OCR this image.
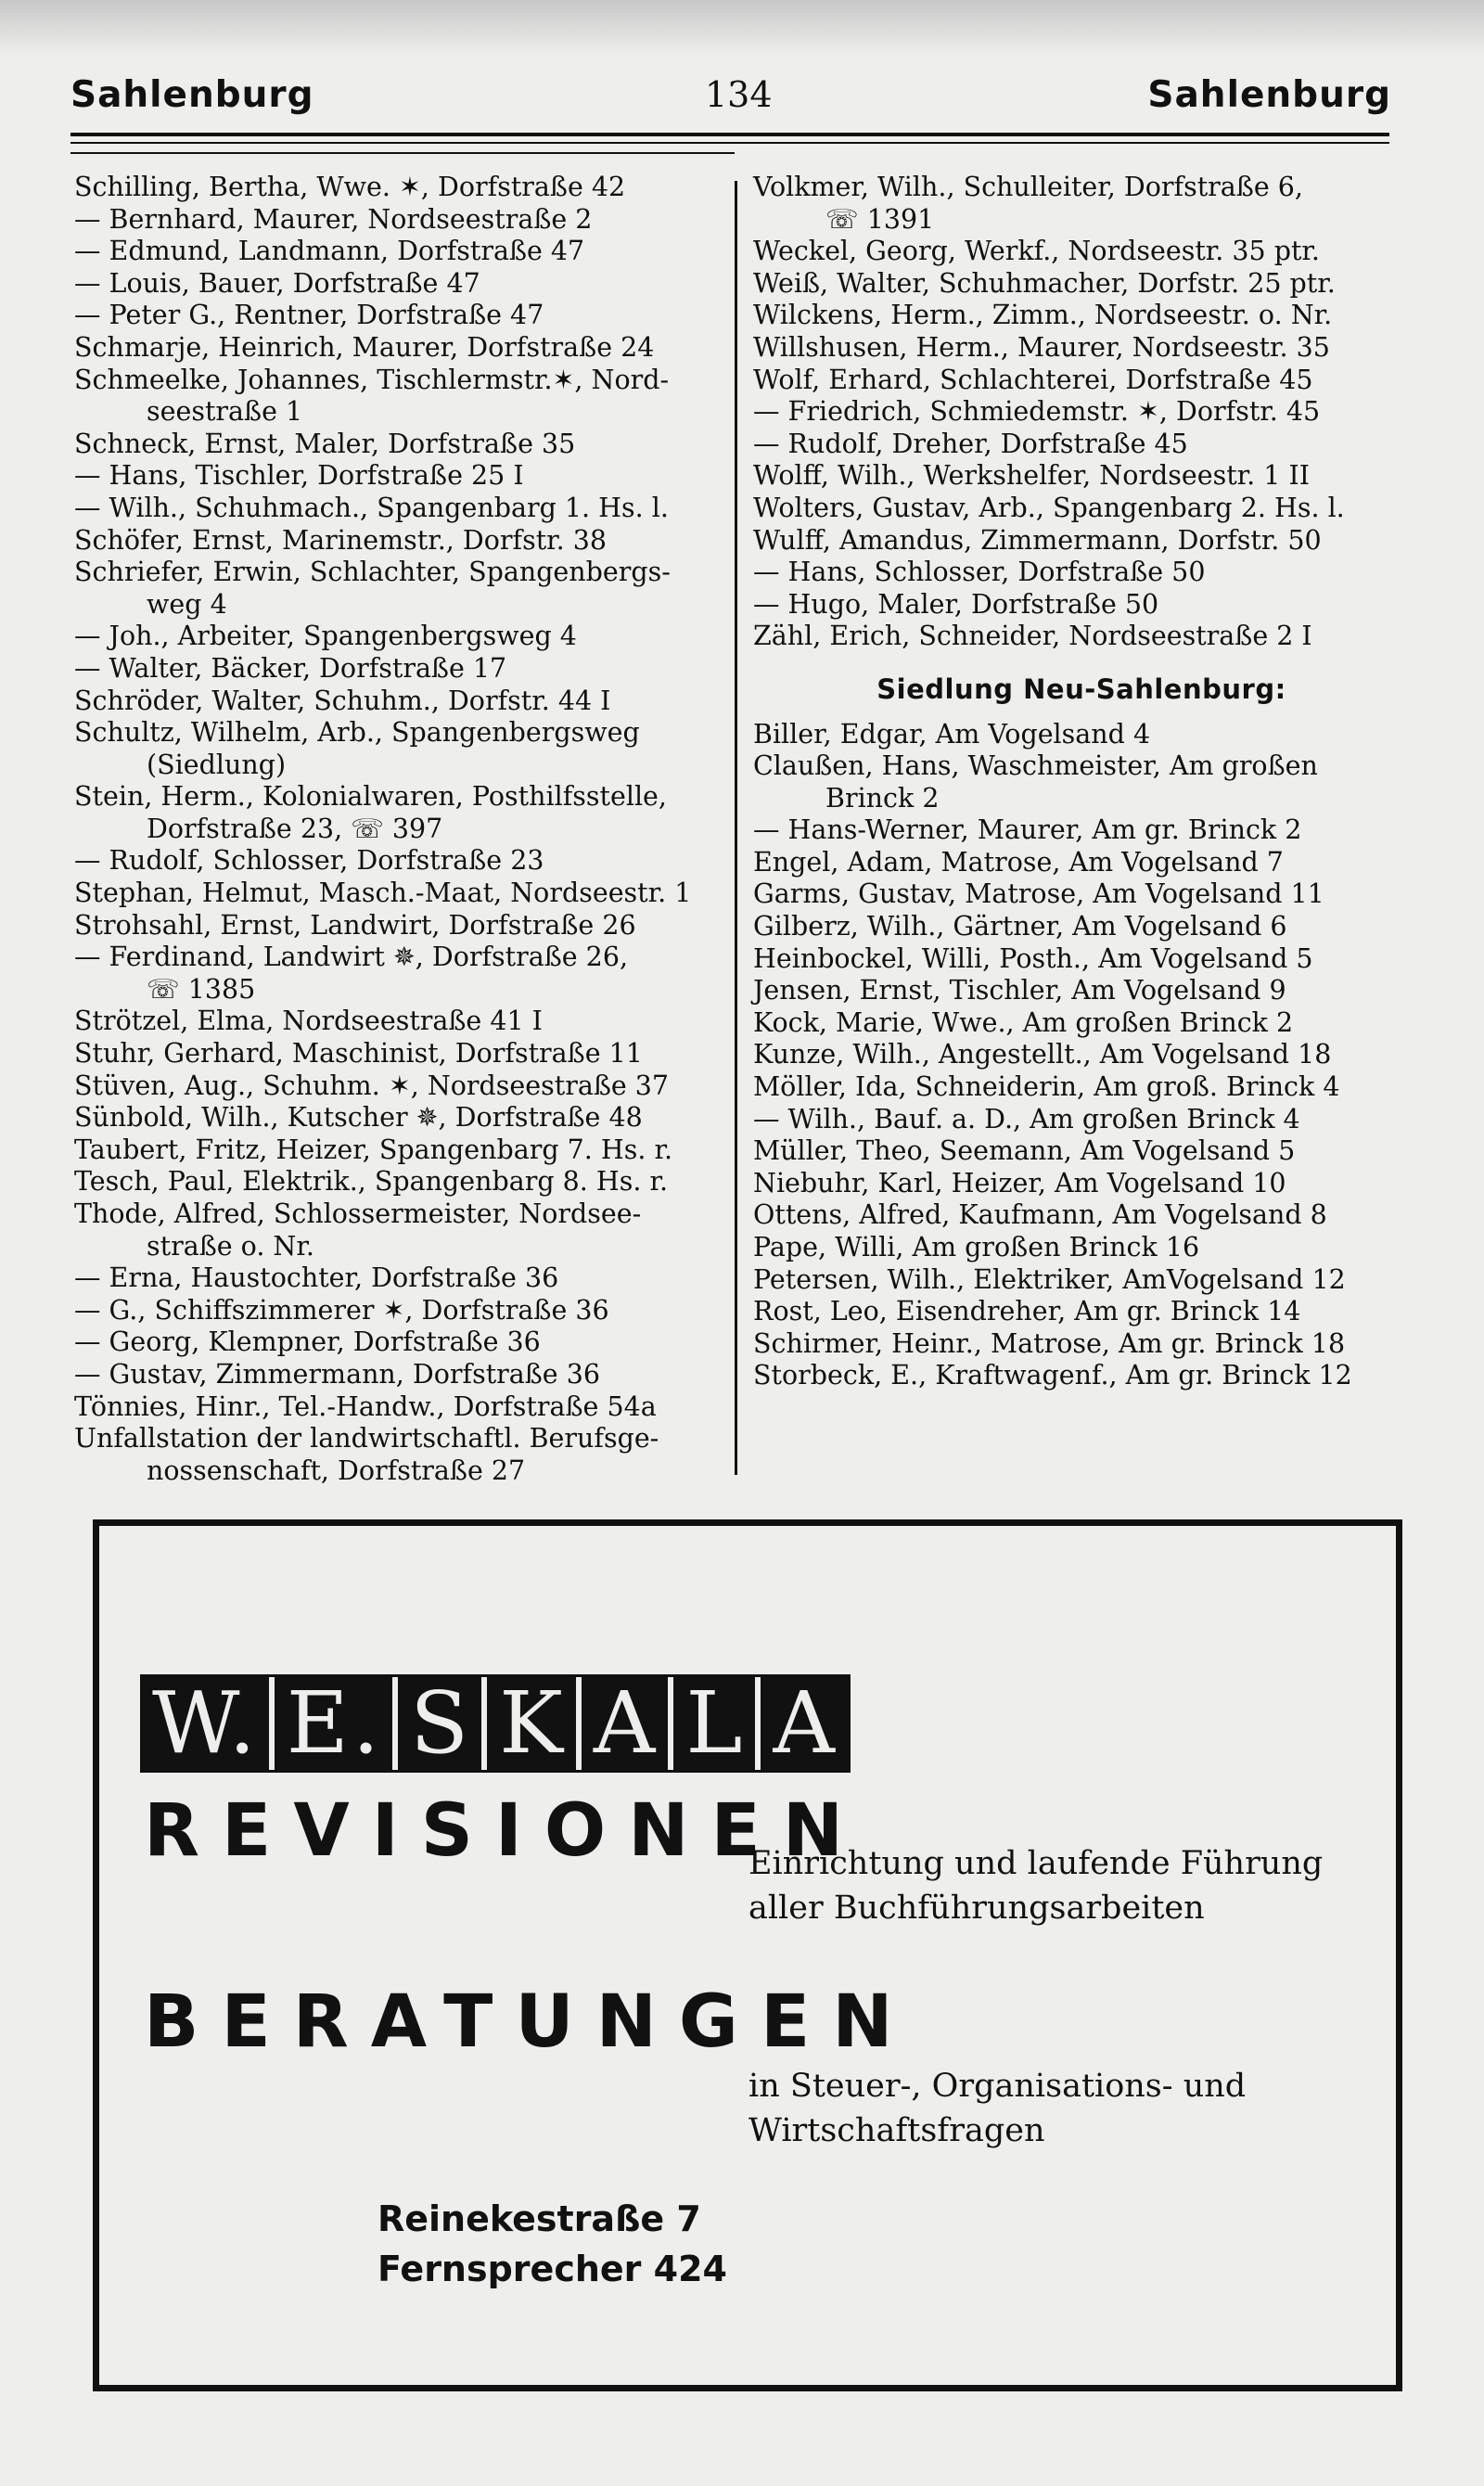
Sahlenburg	134	Sahlenburg
Schilling, Bertha, Wwe. ✶, Dorfstraße 42
— Bernhard, Maurer, Nordseestraße 2
— Edmund, Landmann, Dorfstraße 47
— Louis, Bauer, Dorfstraße 47
— Peter G., Rentner, Dorfstraße 47
Schmarje, Heinrich, Maurer, Dorfstraße 24
Schmeelke, Johannes, Tischlermstr.✶, Nord-
seestraße 1
Schneck, Ernst, Maler, Dorfstraße 35
— Hans, Tischler, Dorfstraße 25 I
— Wilh., Schuhmach., Spangenbarg 1. Hs. l.
Schöfer, Ernst, Marinemstr., Dorfstr. 38
Schriefer, Erwin, Schlachter, Spangenbergs-
weg 4
— Joh., Arbeiter, Spangenbergsweg 4
— Walter, Bäcker, Dorfstraße 17
Schröder, Walter, Schuhm., Dorfstr. 44 I
Schultz, Wilhelm, Arb., Spangenbergsweg
(Siedlung)
Stein, Herm., Kolonialwaren, Posthilfsstelle,
Dorfstraße 23, ☏ 397
— Rudolf, Schlosser, Dorfstraße 23
Stephan, Helmut, Masch.-Maat, Nordseestr. 1
Strohsahl, Ernst, Landwirt, Dorfstraße 26
— Ferdinand, Landwirt ✵, Dorfstraße 26,
☏ 1385
Strötzel, Elma, Nordseestraße 41 I
Stuhr, Gerhard, Maschinist, Dorfstraße 11
Stüven, Aug., Schuhm. ✶, Nordseestraße 37
Sünbold, Wilh., Kutscher ✵, Dorfstraße 48
Taubert, Fritz, Heizer, Spangenbarg 7. Hs. r.
Tesch, Paul, Elektrik., Spangenbarg 8. Hs. r.
Thode, Alfred, Schlossermeister, Nordsee-
straße o. Nr.
— Erna, Haustochter, Dorfstraße 36
— G., Schiffszimmerer ✶, Dorfstraße 36
— Georg, Klempner, Dorfstraße 36
— Gustav, Zimmermann, Dorfstraße 36
Tönnies, Hinr., Tel.-Handw., Dorfstraße 54a
Unfallstation der landwirtschaftl. Berufsge-
nossenschaft, Dorfstraße 27
Volkmer, Wilh., Schulleiter, Dorfstraße 6,
☏ 1391
Weckel, Georg, Werkf., Nordseestr. 35 ptr.
Weiß, Walter, Schuhmacher, Dorfstr. 25 ptr.
Wilckens, Herm., Zimm., Nordseestr. o. Nr.
Willshusen, Herm., Maurer, Nordseestr. 35
Wolf, Erhard, Schlachterei, Dorfstraße 45
— Friedrich, Schmiedemstr. ✶, Dorfstr. 45
— Rudolf, Dreher, Dorfstraße 45
Wolff, Wilh., Werkshelfer, Nordseestr. 1 II
Wolters, Gustav, Arb., Spangenbarg 2. Hs. l.
Wulff, Amandus, Zimmermann, Dorfstr. 50
— Hans, Schlosser, Dorfstraße 50
— Hugo, Maler, Dorfstraße 50
Zähl, Erich, Schneider, Nordseestraße 2 I
Siedlung Neu-Sahlenburg:
Biller, Edgar, Am Vogelsand 4
Claußen, Hans, Waschmeister, Am großen
Brinck 2
— Hans-Werner, Maurer, Am gr. Brinck 2
Engel, Adam, Matrose, Am Vogelsand 7
Garms, Gustav, Matrose, Am Vogelsand 11
Gilberz, Wilh., Gärtner, Am Vogelsand 6
Heinbockel, Willi, Posth., Am Vogelsand 5
Jensen, Ernst, Tischler, Am Vogelsand 9
Kock, Marie, Wwe., Am großen Brinck 2
Kunze, Wilh., Angestellt., Am Vogelsand 18
Möller, Ida, Schneiderin, Am groß. Brinck 4
— Wilh., Bauf. a. D., Am großen Brinck 4
Müller, Theo, Seemann, Am Vogelsand 5
Niebuhr, Karl, Heizer, Am Vogelsand 10
Ottens, Alfred, Kaufmann, Am Vogelsand 8
Pape, Willi, Am großen Brinck 16
Petersen, Wilh., Elektriker, AmVogelsand 12
Rost, Leo, Eisendreher, Am gr. Brinck 14
Schirmer, Heinr., Matrose, Am gr. Brinck 18
Storbeck, E., Kraftwagenf., Am gr. Brinck 12
W. E. S K A L A
REVISIONEN
Einrichtung und laufende Führung
aller Buchführungsarbeiten
BERATUNGEN
in Steuer-, Organisations- und
Wirtschaftsfragen
Reinekestraße 7
Fernsprecher 424
